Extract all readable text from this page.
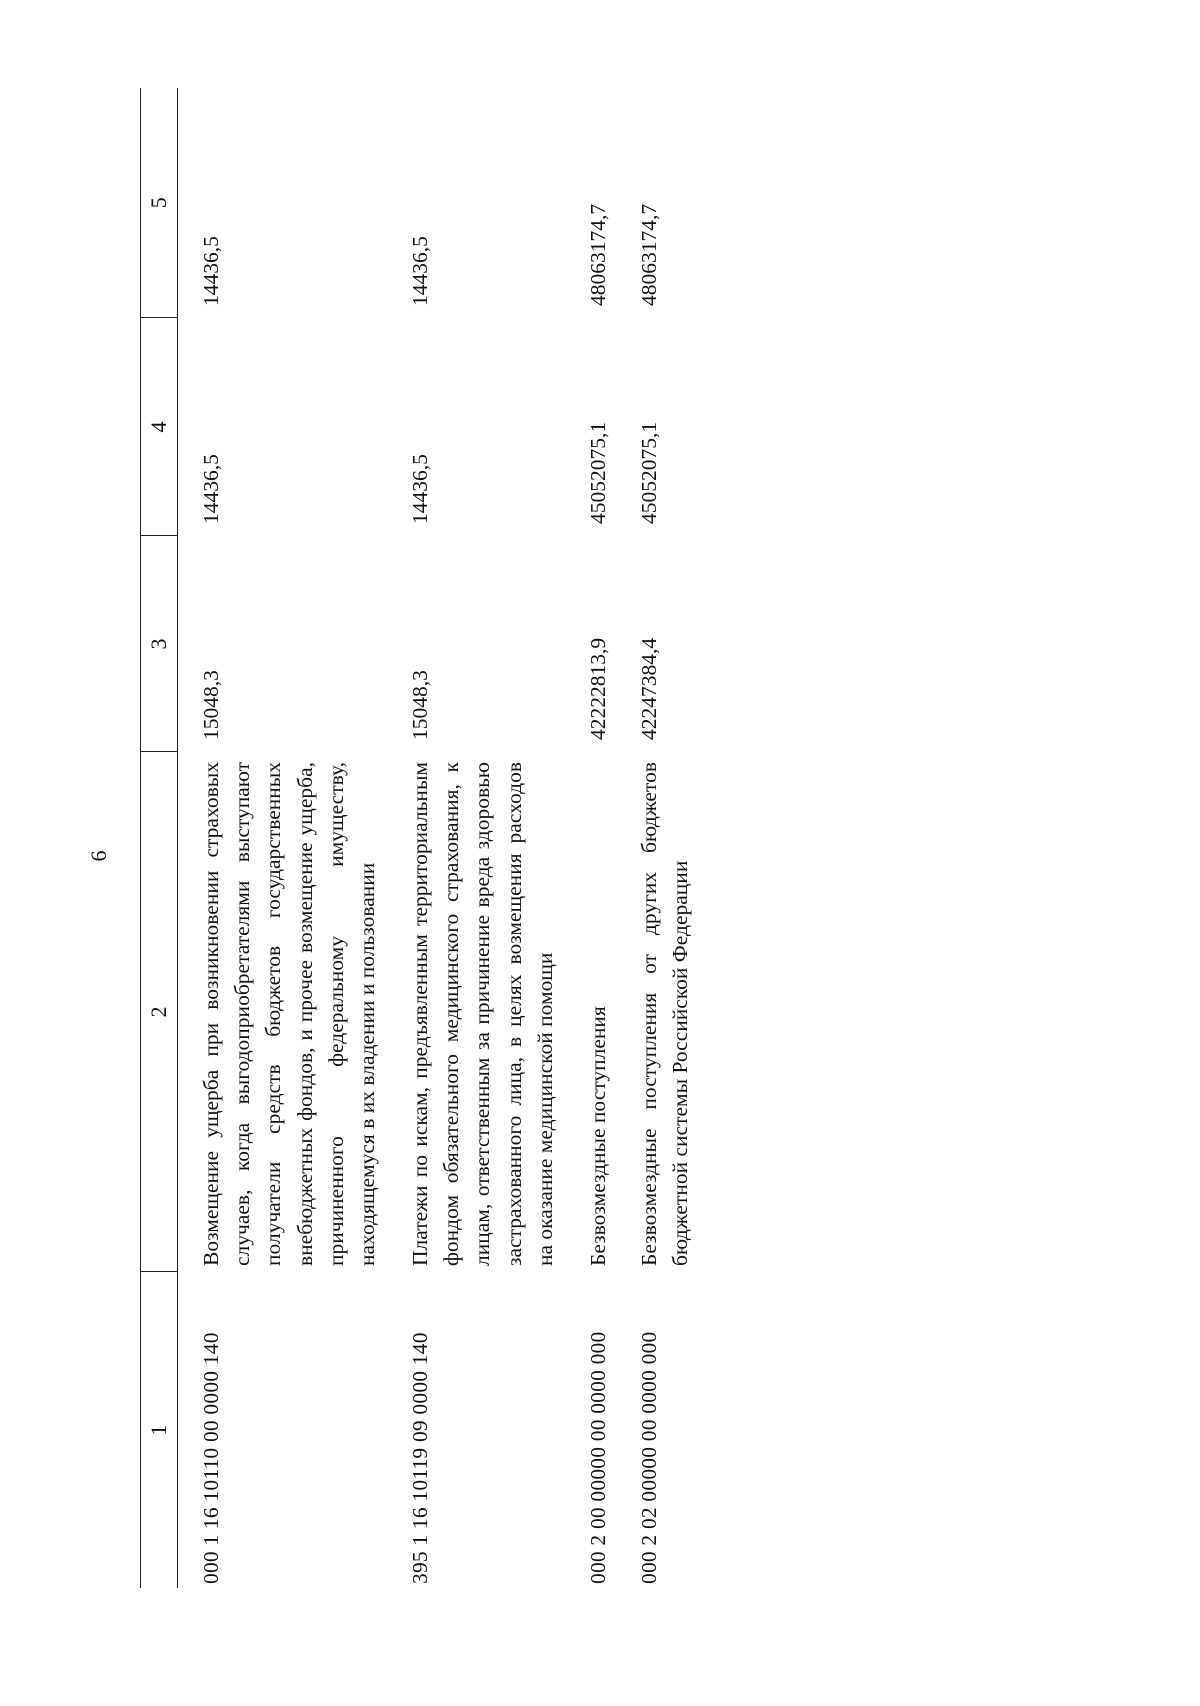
6
1	2	3	4	5
000 1 16 10110 00 0000 140	Возмещение ущерба при возникновении страховых случаев, когда выгодоприобретателями выступают получатели средств бюджетов государственных внебюджетных фондов, и прочее возмещение ущерба, причиненного федеральному имуществу, находящемуся в их владении и пользовании	15048,3	14436,5	14436,5
395 1 16 10119 09 0000 140	Платежи по искам, предъявленным территориальным фондом обязательного медицинского страхования, к лицам, ответственным за причинение вреда здоровью застрахованного лица, в целях возмещения расходов на оказание медицинской помощи	15048,3	14436,5	14436,5
000 2 00 00000 00 0000 000	Безвозмездные поступления	42222813,9	45052075,1	48063174,7
000 2 02 00000 00 0000 000	Безвозмездные поступления от других бюджетов бюджетной системы Российской Федерации	42247384,4	45052075,1	48063174,7
